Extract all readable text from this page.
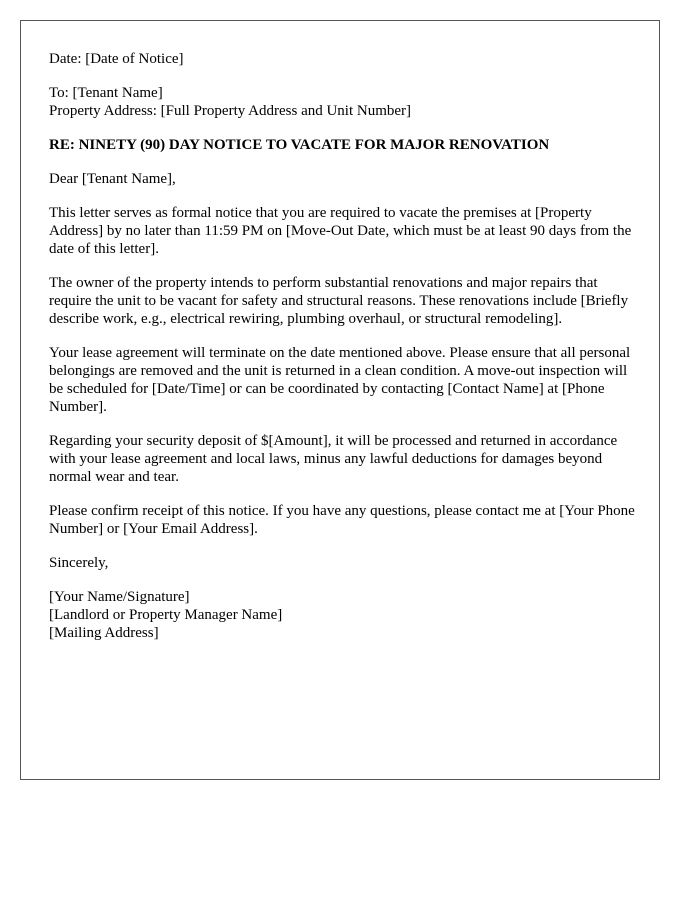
Date: [Date of Notice]

To: [Tenant Name]
Property Address: [Full Property Address and Unit Number]

RE: NINETY (90) DAY NOTICE TO VACATE FOR MAJOR RENOVATION

Dear [Tenant Name],

This letter serves as formal notice that you are required to vacate the premises at [Property Address] by no later than 11:59 PM on [Move-Out Date, which must be at least 90 days from the date of this letter].

The owner of the property intends to perform substantial renovations and major repairs that require the unit to be vacant for safety and structural reasons. These renovations include [Briefly describe work, e.g., electrical rewiring, plumbing overhaul, or structural remodeling].

Your lease agreement will terminate on the date mentioned above. Please ensure that all personal belongings are removed and the unit is returned in a clean condition. A move-out inspection will be scheduled for [Date/Time] or can be coordinated by contacting [Contact Name] at [Phone Number].

Regarding your security deposit of $[Amount], it will be processed and returned in accordance with your lease agreement and local laws, minus any lawful deductions for damages beyond normal wear and tear.

Please confirm receipt of this notice. If you have any questions, please contact me at [Your Phone Number] or [Your Email Address].

Sincerely,

[Your Name/Signature]
[Landlord or Property Manager Name]
[Mailing Address]
